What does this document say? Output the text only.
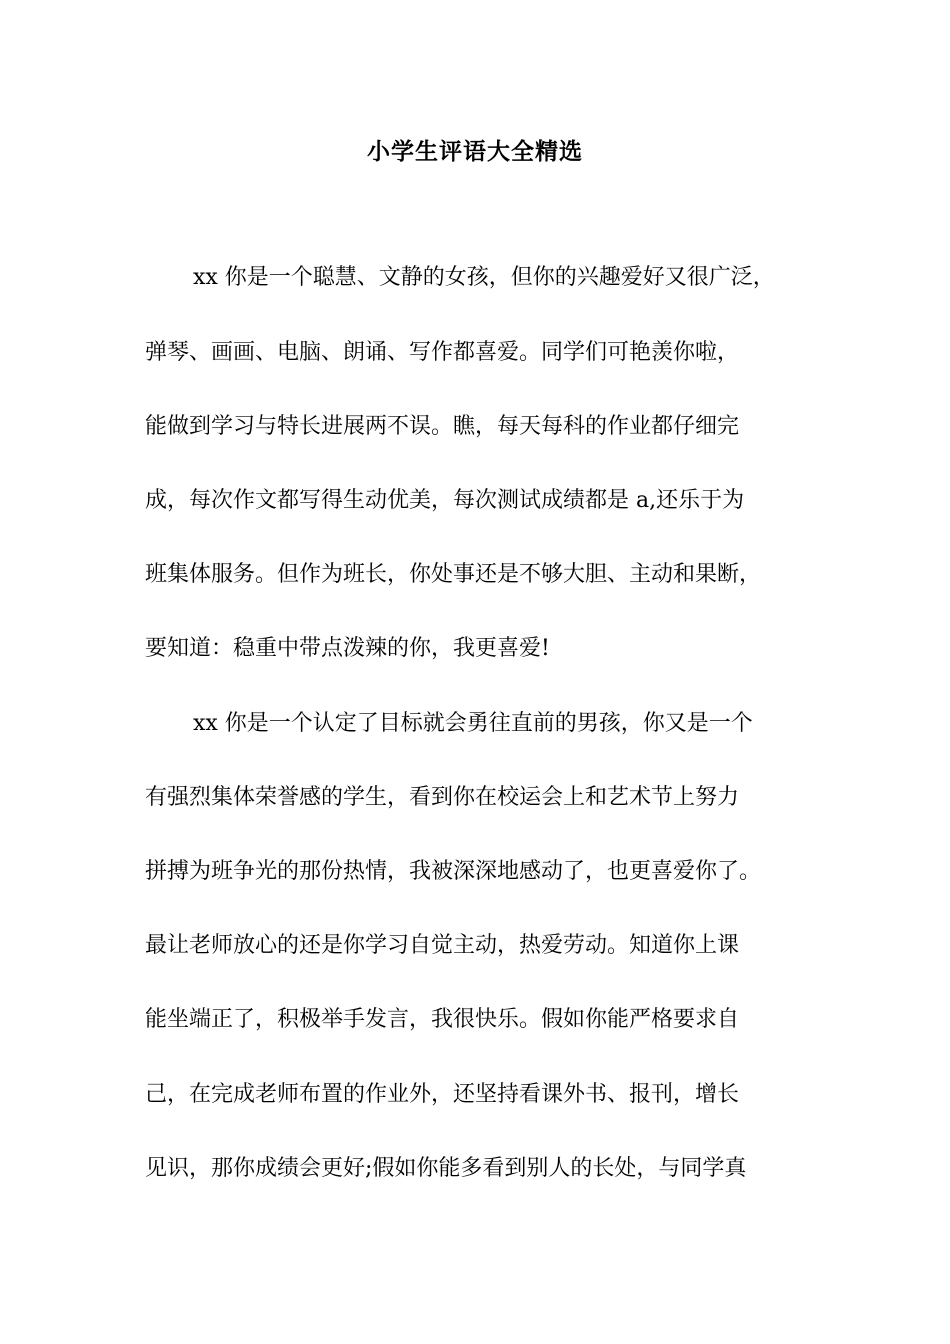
小学生评语大全精选
xx 你是一个聪慧、文静的女孩，但你的兴趣爱好又很广泛，
弹琴、画画、电脑、朗诵、写作都喜爱。同学们可艳羡你啦，
能做到学习与特长进展两不误。瞧，每天每科的作业都仔细完
成，每次作文都写得生动优美，每次测试成绩都是 a,还乐于为
班集体服务。但作为班长，你处事还是不够大胆、主动和果断，
要知道：稳重中带点泼辣的你，我更喜爱!
xx 你是一个认定了目标就会勇往直前的男孩，你又是一个
有强烈集体荣誉感的学生，看到你在校运会上和艺术节上努力
拼搏为班争光的那份热情，我被深深地感动了，也更喜爱你了。
最让老师放心的还是你学习自觉主动，热爱劳动。知道你上课
能坐端正了，积极举手发言，我很快乐。假如你能严格要求自
己，在完成老师布置的作业外，还坚持看课外书、报刊，增长
见识，那你成绩会更好;假如你能多看到别人的长处，与同学真
